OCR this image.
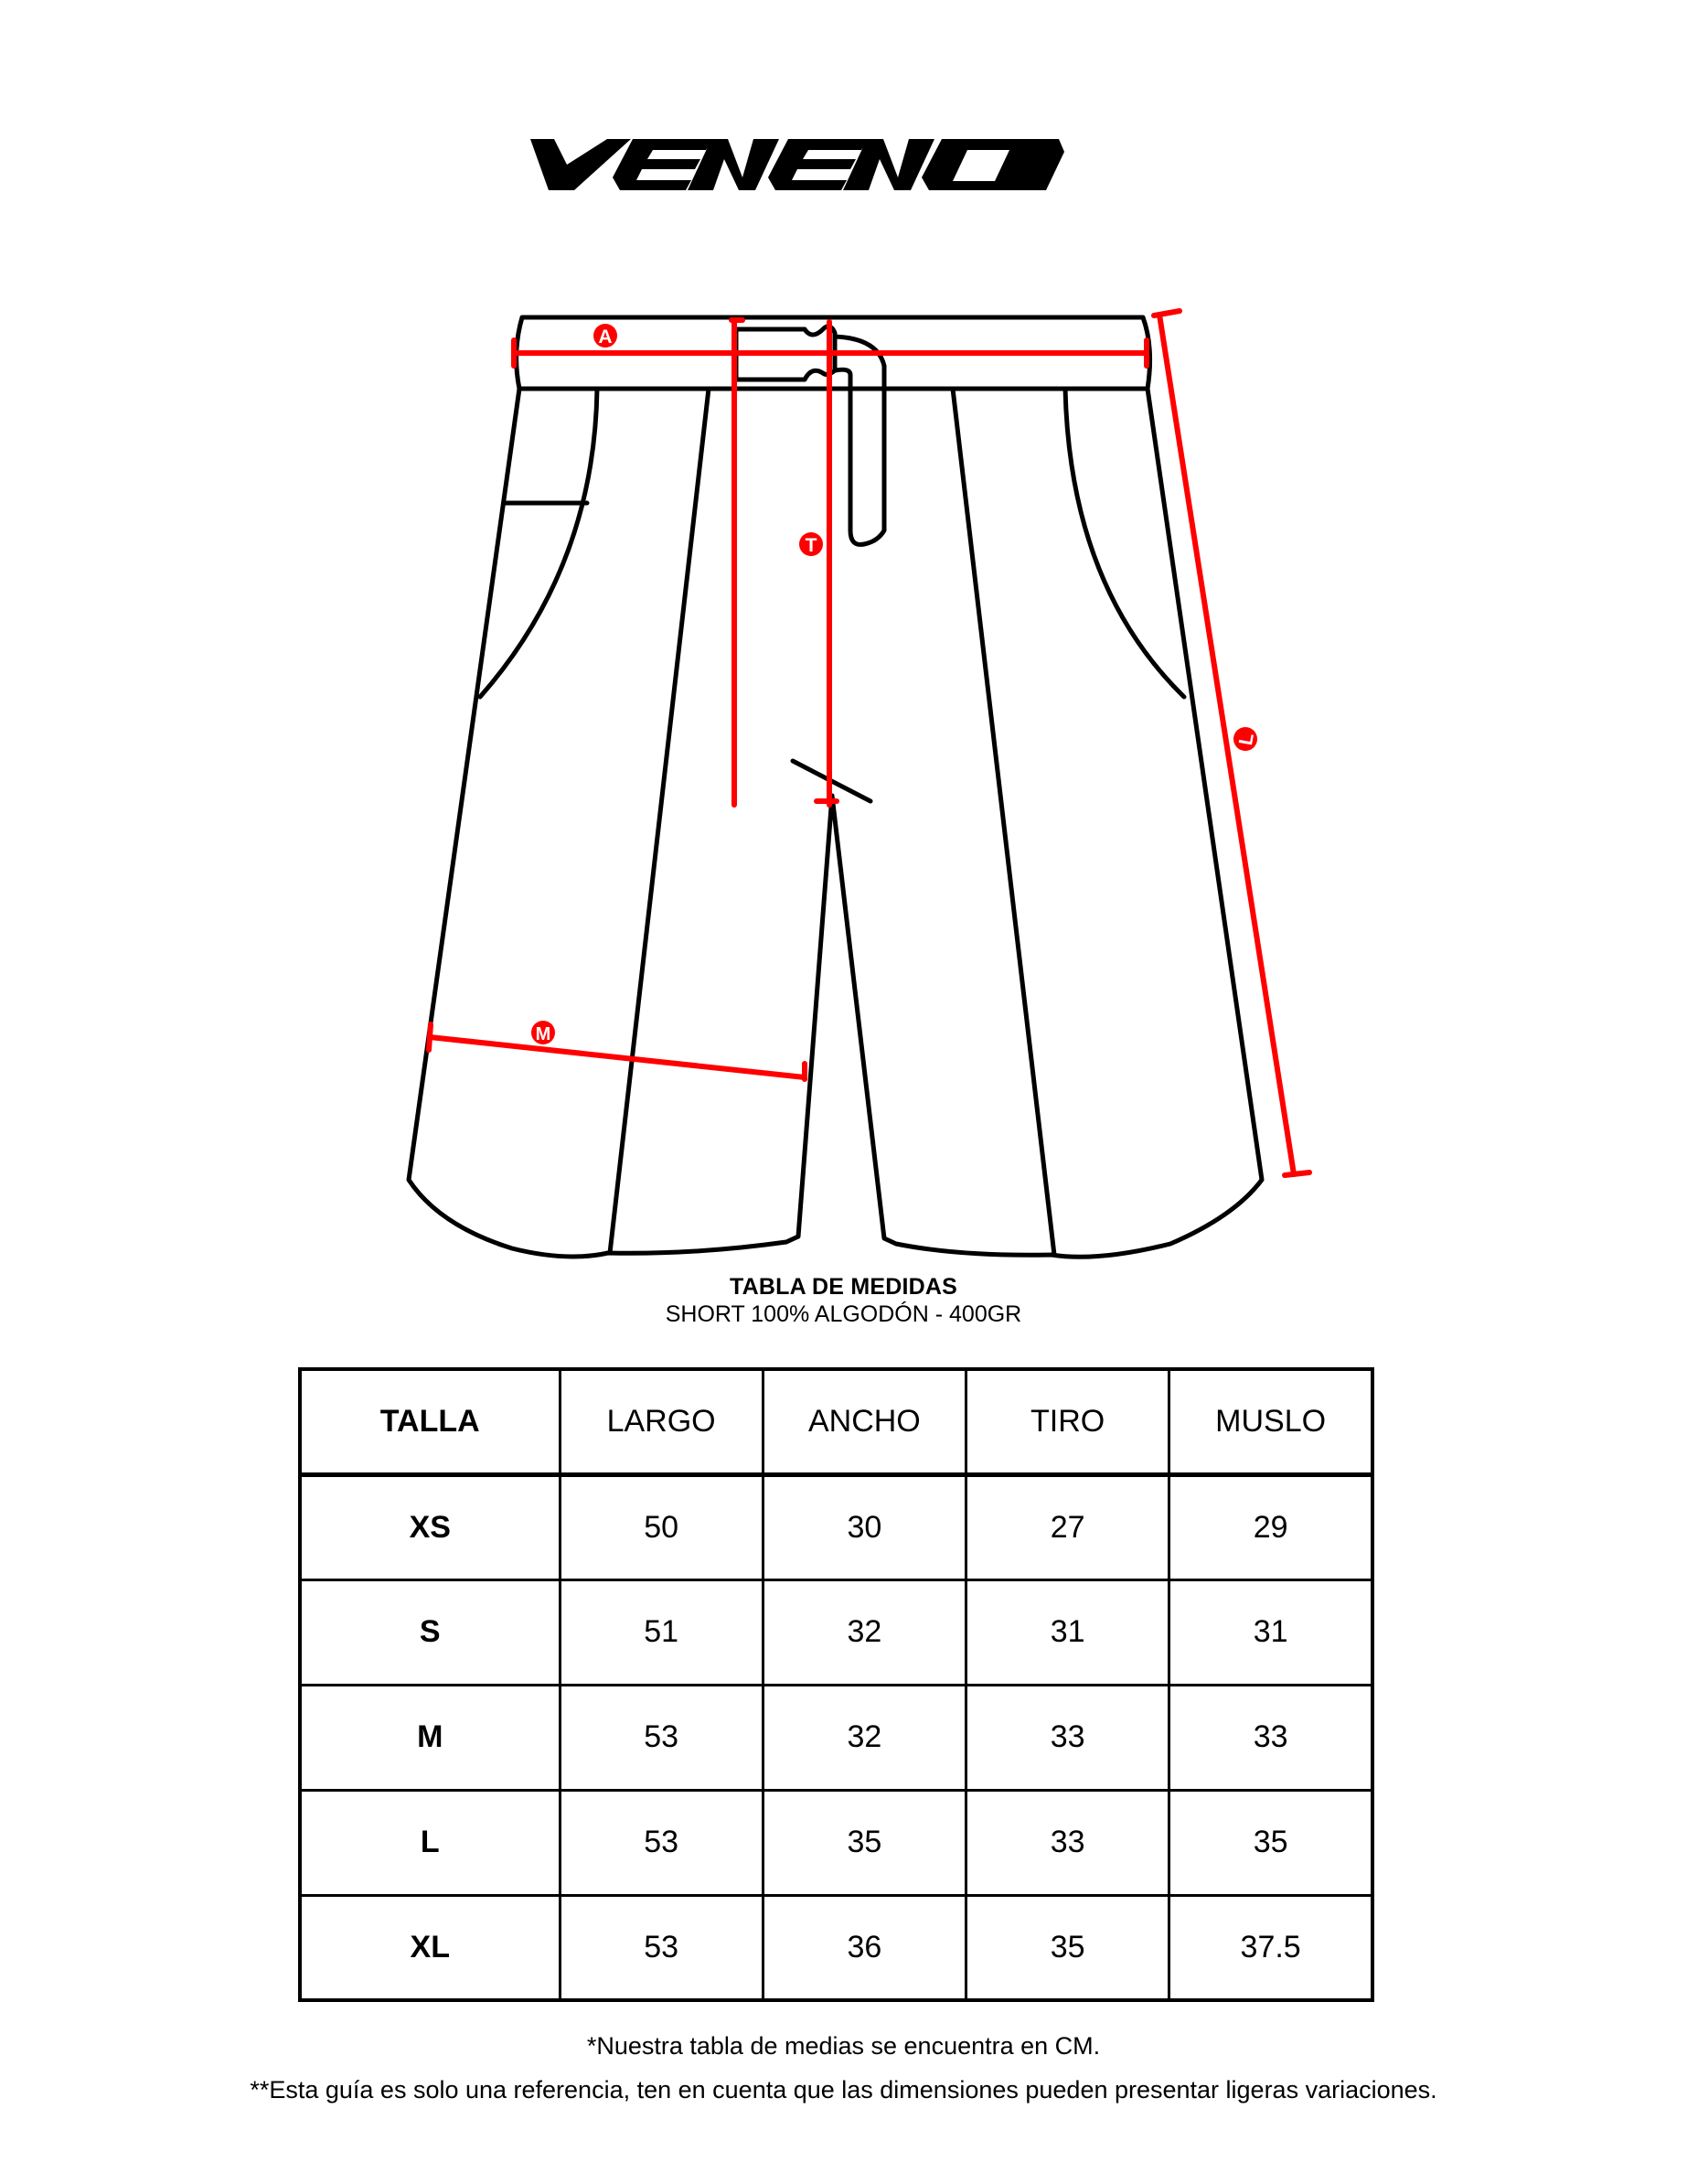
VENENO
A
T
L
M
TABLA DE MEDIDAS
SHORT 100% ALGODÓN - 400GR
TALLA	LARGO	ANCHO	TIRO	MUSLO
XS	50	30	27	29
S	51	32	31	31
M	53	32	33	33
L	53	35	33	35
XL	53	36	35	37.5
*Nuestra tabla de medias se encuentra en CM.
**Esta guía es solo una referencia, ten en cuenta que las dimensiones pueden presentar ligeras variaciones.
